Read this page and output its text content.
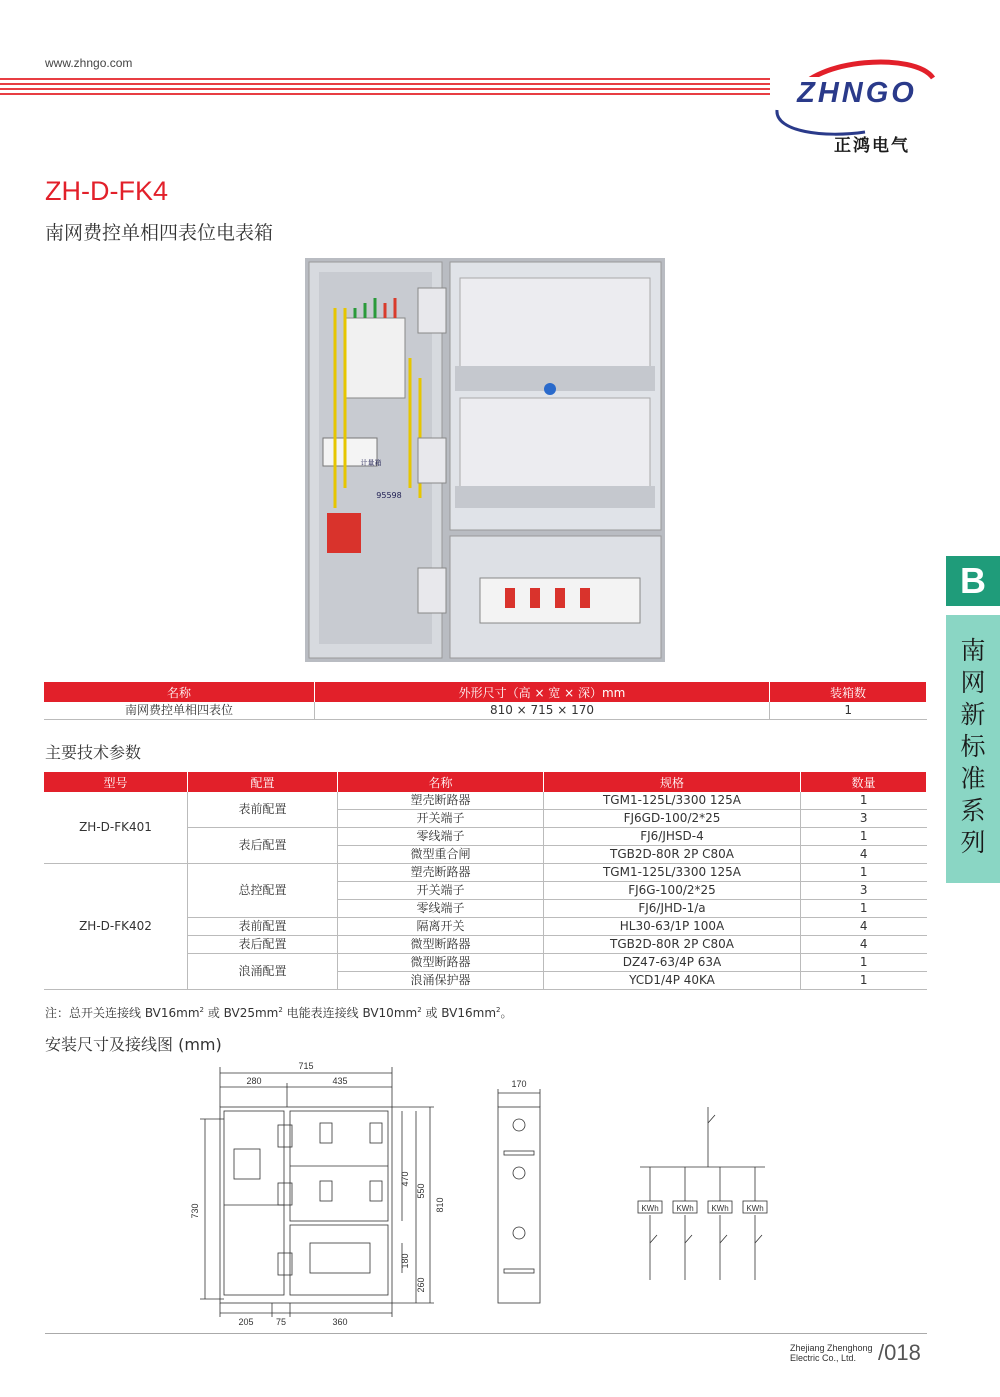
www.zhngo.com
ZHNGO
正鸿电气
ZH-D-FK4
南网费控单相四表位电表箱
计量箱
95598
名称	外形尺寸（高 × 宽 × 深）mm	装箱数
南网费控单相四表位	810 × 715 × 170	1
主要技术参数
型号	配置	名称	规格	数量
ZH-D-FK401	表前配置	塑壳断路器	TGM1-125L/3300 125A	1
		开关端子	FJ6GD-100/2*25	3
	表后配置	零线端子	FJ6/JHSD-4	1
		微型重合闸	TGB2D-80R 2P C80A	4
ZH-D-FK402	总控配置	塑壳断路器	TGM1-125L/3300 125A	1
		开关端子	FJ6G-100/2*25	3
		零线端子	FJ6/JHD-1/a	1
	表前配置	隔离开关	HL30-63/1P 100A	4
	表后配置	微型断路器	TGB2D-80R 2P C80A	4
	浪涌配置	微型断路器	DZ47-63/4P 63A	1
		浪涌保护器	YCD1/4P 40KA	1
注：总开关连接线 $BV16mm^2$ 或 $BV25mm^2$ 电能表连接线 $BV10mm^2$ 或 $BV16mm^2$。
安装尺寸及接线图 (mm)
715
280	435
730
470
550
810
180
260
205 75	360
170
KWh KWh KWh KWh
B
南
网
新
标
准
系
列
Zhejiang Zhenghong
Electric Co., Ltd. /018
